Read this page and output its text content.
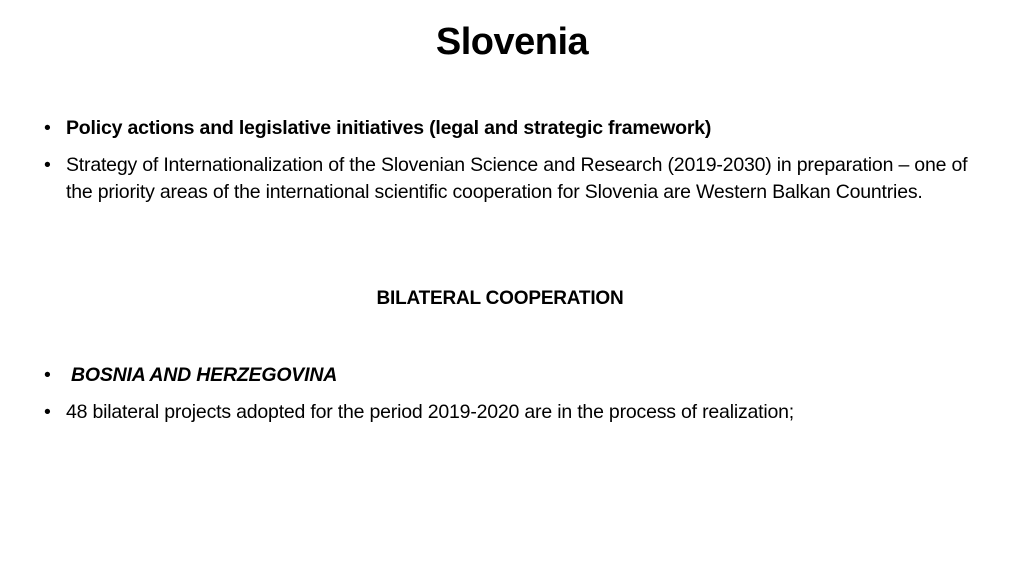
Slovenia
• Policy actions and legislative initiatives (legal and strategic framework)
• Strategy of Internationalization of the Slovenian Science and Research (2019-2030) in preparation – one of the priority areas of the international scientific cooperation for Slovenia are Western Balkan Countries.
BILATERAL COOPERATION
•	BOSNIA AND HERZEGOVINA
• 48 bilateral projects adopted for the period 2019-2020 are in the process of realization;
